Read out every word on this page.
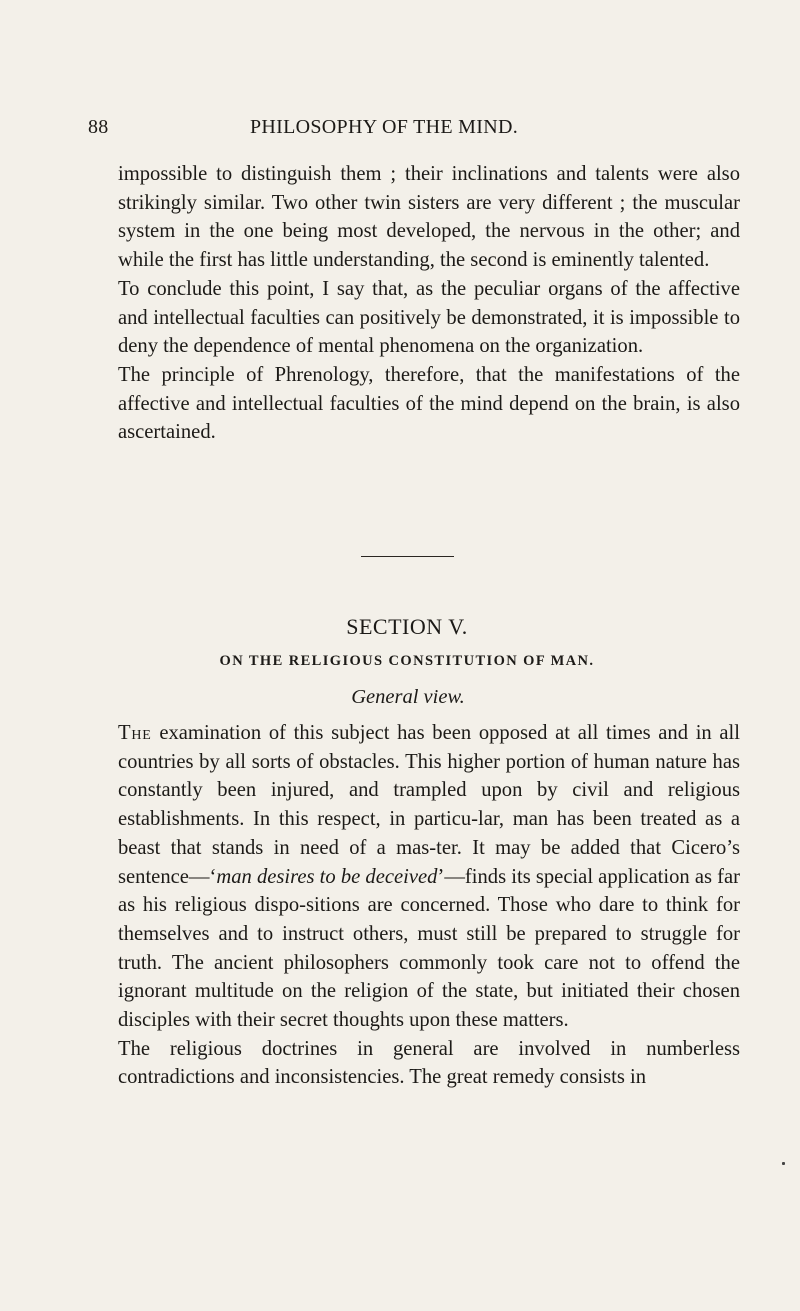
88	PHILOSOPHY OF THE MIND.

impossible to distinguish them ; their inclinations and talents were also strikingly similar. Two other twin sisters are very different ; the muscular system in the one being most developed, the nervous in the other; and while the first has little understanding, the second is eminently talented.

To conclude this point, I say that, as the peculiar organs of the affective and intellectual faculties can positively be demonstrated, it is impossible to deny the dependence of mental phenomena on the organization.

The principle of Phrenology, therefore, that the manifestations of the affective and intellectual faculties of the mind depend on the brain, is also ascertained.

SECTION V.
ON THE RELIGIOUS CONSTITUTION OF MAN.
General view.

The examination of this subject has been opposed at all times and in all countries by all sorts of obstacles. This higher portion of human nature has constantly been injured, and trampled upon by civil and religious establishments. In this respect, in particu-lar, man has been treated as a beast that stands in need of a mas-ter. It may be added that Cicero’s sentence—‘man desires to be deceived’—finds its special application as far as his religious dispo-sitions are concerned. Those who dare to think for themselves and to instruct others, must still be prepared to struggle for truth. The ancient philosophers commonly took care not to offend the ignorant multitude on the religion of the state, but initiated their chosen disciples with their secret thoughts upon these matters.

The religious doctrines in general are involved in numberless contradictions and inconsistencies. The great remedy consists in
